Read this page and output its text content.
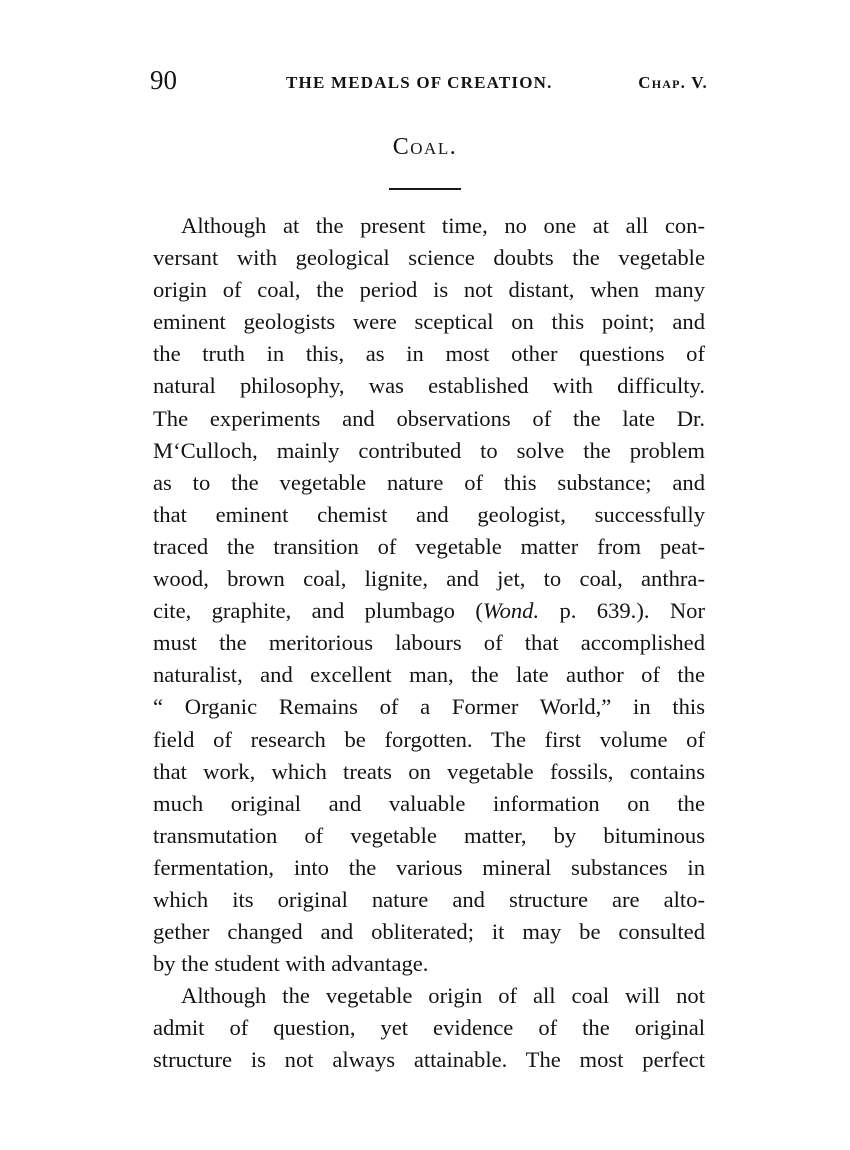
90	THE MEDALS OF CREATION.	Chap. V.
Coal.
Although at the present time, no one at all con-
versant with geological science doubts the vegetable
origin of coal, the period is not distant, when many
eminent geologists were sceptical on this point; and
the truth in this, as in most other questions of
natural philosophy, was established with difficulty.
The experiments and observations of the late Dr.
M‘Culloch, mainly contributed to solve the problem
as to the vegetable nature of this substance; and
that eminent chemist and geologist, successfully
traced the transition of vegetable matter from peat-
wood, brown coal, lignite, and jet, to coal, anthra-
cite, graphite, and plumbago (Wond. p. 639.). Nor
must the meritorious labours of that accomplished
naturalist, and excellent man, the late author of the
“ Organic Remains of a Former World,” in this
field of research be forgotten. The first volume of
that work, which treats on vegetable fossils, contains
much original and valuable information on the
transmutation of vegetable matter, by bituminous
fermentation, into the various mineral substances in
which its original nature and structure are alto-
gether changed and obliterated; it may be consulted
by the student with advantage.
Although the vegetable origin of all coal will not
admit of question, yet evidence of the original
structure is not always attainable. The most perfect
